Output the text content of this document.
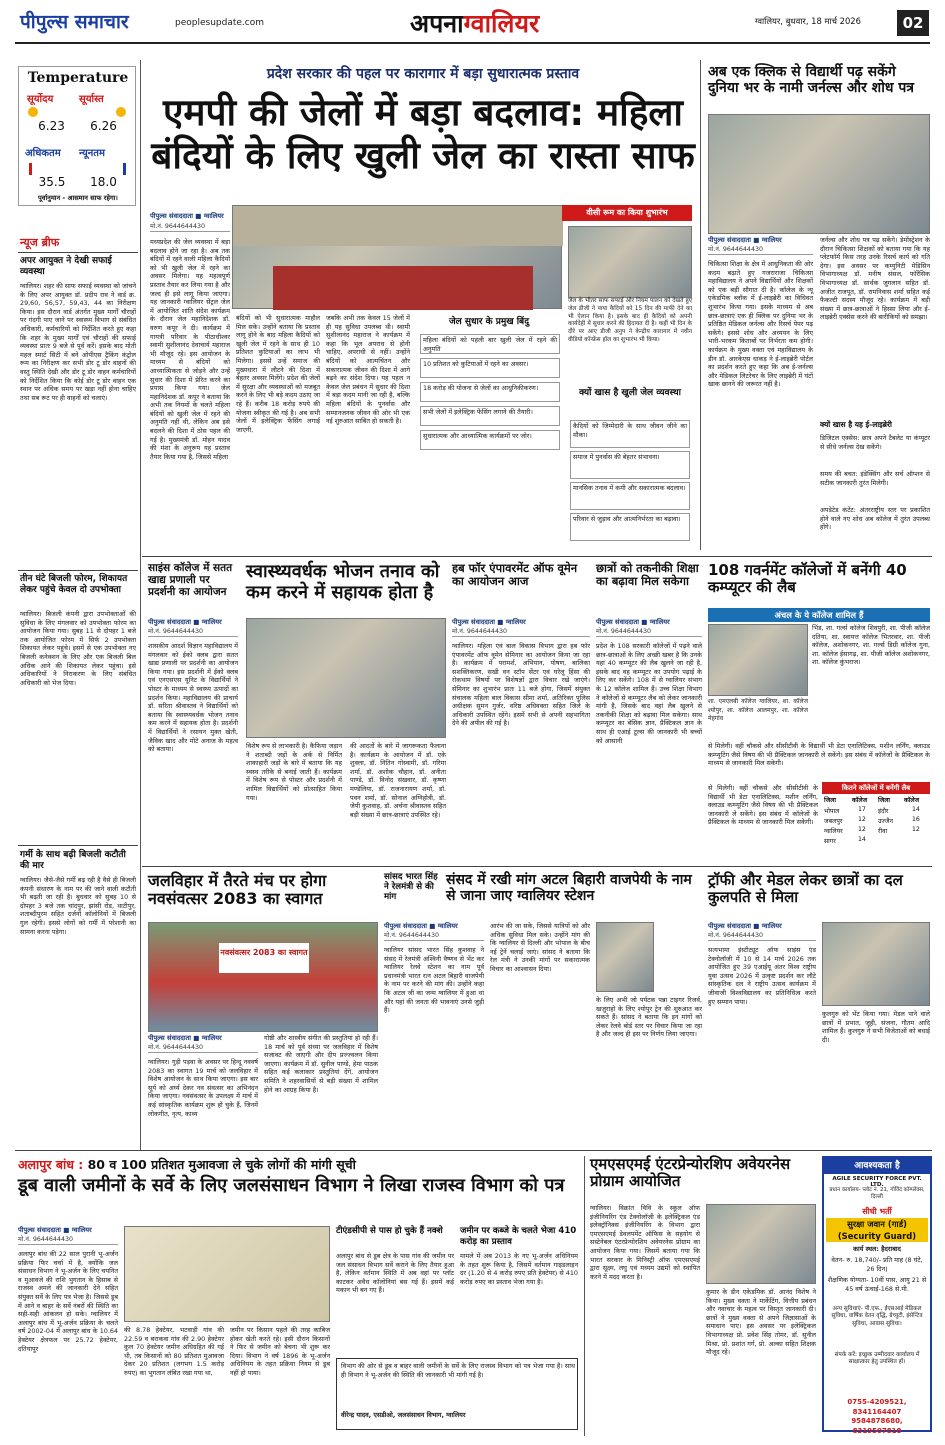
पीपुल्स समाचार	peoplesupdate.com	अपनाग्वालियर	ग्वालियर, बुधवार, 18 मार्च 2026	02
Temperature
सूर्योदय	सूर्यास्त
6.23	6.26
अधिकतम	न्यूनतम
35.5	18.0
पूर्वानुमान - आसमान साफ रहेगा।
न्यूज ब्रीफ
अपर आयुक्त ने देखी सफाई व्यवस्था
ग्वालियर। शहर की साफ सफाई व्यवस्था को जांचने के लिए अपर आयुक्त डॉ. प्रदीप राव ने वार्ड क्र. 29,60, 56,57, 59,43, 44 का निरीक्षण किया। इस दौरान वार्ड अंतर्गत मुख्य मार्गों चौराहों पर गंदगी पाए जाने पर स्वास्थ्य विभाग से संबंधित अधिकारी, कर्मचारियों को निर्देशित करते हुए कहा कि शहर के मुख्य मार्गों एवं चौराहों की सफाई व्यवस्था प्रातः 9 बजे से पूर्व करें। इसके बाद मोती महल स्मार्ट सिटी में बने ओपीएस ट्रैकिंग कंट्रोल रूम का निरीक्षण कर सभी डोर टू डोर वाहनों की वस्तु स्थिति देखी और डोर टू डोर वाहन कर्मचारियों को निर्देशित किया कि कोई डोर टू डोर वाहन एक स्थान पर अधिक समय पर खड़ा नहीं होना चाहिए तथा सब रूट पर ही वाहनों को चलाएं।
तीन घंटे बिजली फोरम, शिकायत लेकर पहुंचे केवल दो उपभोक्ता
ग्वालियर। बिजली कंपनी द्वारा उपभोक्ताओं की सुविधा के लिए मंगलवार को उपभोक्ता फोरम का आयोजन किया गया। सुबह 11 से दोपहर 1 बजे तक आयोजित फोरम में सिर्फ 2 उपभोक्ता शिकायत लेकर पहुंचे। इसमें से एक उपभोक्ता नए बिजली कनेक्शन के लिए और एक बिजली बिल अधिक आने की शिकायत लेकर पहुंचा। इसे अधिकारियों ने निराकरण के लिए संबंधित अधिकारी को भेज दिया।
गर्मी के साथ बढ़ी बिजली कटौती की मार
ग्वालियर। जैसे-जैसे गर्मी बढ़ रही है वैसे ही बिजली कंपनी संधारण के नाम पर की जाने वाली कटौती भी बढ़ती जा रही है। बुधवार को सुबह 10 से दोपहर 3 बजे तक चांदपुर, झांसी रोड, थाटीपुर, शताब्दीपुरम सहित दर्जनों कॉलोनियों में बिजली गुल रहेगी। इससे लोगों को गर्मी में परेशानी का सामना करना पड़ेगा।
प्रदेश सरकार की पहल पर कारागार में बड़ा सुधारात्मक प्रस्ताव
एमपी की जेलों में बड़ा बदलाव: महिला बंदियों के लिए खुली जेल का रास्ता साफ
वीसी रूम का किया शुभारंभ
जेल के भीतर साफ सफाई और नियम पालन को देखते हुए जेल डीजी ने पाया कैदियों को 15 दिन की माफी देने का भी ऐलान किया है। इसके बाद ही कैदियों को अपनी कार्यदेही में सुधार करने की हिदायत दी है। कहीं भी दिन के दौरे पर आए डीजी अनुप ने केन्द्रीय कारागार में नवीन वीडियो कॉन्फ्रेंस हॉल का शुभारंभ भी किया।
पीपुल्स संवाददाता ■ ग्वालियर
मो.नं. 9644644430
मध्यप्रदेश की जेल व्यवस्था में बड़ा बदलाव होने जा रहा है। अब तक बंदियों में रहने वाली महिला कैदियों को भी खुली जेल में रहने का अवसर मिलेगा। यह महत्वपूर्ण प्रस्ताव तैयार कर लिया गया है और जल्द ही इसे लागू किया जाएगा। यह जानकारी ग्वालियर सेंट्रल जेल में आयोजित शांति संदेश कार्यक्रम के दौरान जेल महानिदेशक डॉ. वरुण कपूर ने दी। कार्यक्रम में गायत्री परिवार के पीठाधीश्वर स्वामी सुशीलानंद देवाचार्य महाराज भी मौजूद रहे। इस आयोजन के माध्यम से बंदियों को आध्यात्मिकता से जोड़ने और उन्हें सुधार की दिशा में प्रेरित करने का प्रयास किया गया। जेल महानिदेशक डॉ. कपूर ने बताया कि अभी तक नियमों के चलते महिला बंदियों को खुली जेल में रहने की अनुमति नहीं थी, लेकिन अब इसे बदलने की दिशा में ठोस पहल की गई है। मुख्यमंत्री डॉ. मोहन यादव की मंशा के अनुरूप यह प्रस्ताव तैयार किया गया है, जिससे महिला
बंदियों को भी सुधारात्मक माहौल मिल सके। उन्होंने बताया कि प्रस्ताव लागू होने के बाद महिला कैदियों को खुली जेल में रहने के साथ ही 10 प्रतिशत कुटियाओं का लाभ भी मिलेगा। इससे उन्हें समाज की मुख्यधारा में लौटने की दिशा में बेहतर अवसर मिलेंगे। प्रदेश की जेलों में सुरक्षा और व्यवस्थाओं को मजबूत करने के लिए भी बड़े कदम उठाए जा रहे हैं। करीब 18 करोड़ रुपये की योजना स्वीकृत की गई है। अब सभी जेलों में इलेक्ट्रिक फेंसिंग लगाई जाएगी,
जबकि अभी तक केवल 15 जेलों में ही यह सुविधा उपलब्ध थी। स्वामी सुशीलानंद महाराज ने कार्यक्रम में कहा कि भूल अपराध से होनी चाहिए, अपराधी से नहीं। उन्होंने बंदियों को आत्मचिंतन और सकारात्मक जीवन की दिशा में आगे बढ़ने का संदेश दिया। यह पहल न केवल जेल प्रबंधन में सुधार की दिशा में बड़ा कदम मानी जा रही है, बल्कि महिला बंदियों के पुनर्वास और सम्मानजनक जीवन की ओर भी एक नई शुरुआत साबित हो सकती है।
जेल सुधार के प्रमुख बिंदु
महिला बंदियों को पहली बार खुली जेल में रहने की अनुमति
10 प्रतिशत को कुटियाओं में रहने का अवसर।
18 करोड़ की योजना से जेलों का आधुनिकीकरण।
सभी जेलों में इलेक्ट्रिक फेंसिंग लगाने की तैयारी।
सुधारात्मक और आध्यात्मिक कार्यक्रमों पर जोर।
क्यों खास है खुली जेल व्यवस्था
कैदियों को जिम्मेदारी के साथ जीवन जीने का मौका।
समाज में पुनर्वास की बेहतर संभावना।
मानसिक तनाव में कमी और सकारात्मक बदलाव।
परिवार से जुड़ाव और आत्मनिर्भरता का बढ़ावा।
अब एक क्लिक से विद्यार्थी पढ़ सकेंगे दुनिया भर के नामी जर्नल्स और शोध पत्र
पीपुल्स संवाददाता ■ ग्वालियर
मो.नं. 9644644430
चिकित्सा शिक्षा के क्षेत्र में आधुनिकता की ओर कदम बढ़ाते हुए गजराराजा चिकित्सा महाविद्यालय ने अपने विद्यार्थियों और शिक्षकों को एक बड़ी सौगात दी है। कॉलेज के न्यू एकेडमिक ब्लॉक में ई-लाइब्रेरी का विधिवत शुभारंभ किया गया। इसके माध्यम से अब छात्र-छात्राएं एक ही क्लिक पर दुनिया भर के प्रतिष्ठित मेडिकल जर्नल्स और रिसर्च पेपर पढ़ सकेंगे। इससे शोध और अध्ययन के लिए भारी-भरकम किताबों पर निर्भरता कम होगी। कार्यक्रम के मुख्य वक्ता एवं महाविद्यालय के डीन डॉ. आरकेएस धाकड़ ने ई-लाइब्रेरी पोर्टल का प्रदर्शन करते हुए कहा कि अब ई-जर्नल्स और मेडिकल लिटरेचर के लिए लाइब्रेरी में घंटों खाक छानने की जरूरत नहीं है।
जर्नल्स और शोध पत्र पढ़ सकेंगे। डेमोंस्ट्रेशन के दौरान चिकित्सा शिक्षकों को बताया गया कि यह प्लेटफॉर्म किस तरह उनके रिसर्च कार्य को गति देगा। इस अवसर पर कम्युनिटी मेडिसिन विभागाध्यक्ष डॉ. मनीष संसल, फॉरेंसिक विभागाध्यक्ष डॉ. सार्थक जुगलान सहित डॉ. अजीत राजपूत, डॉ. रामनिवास शर्मा सहित कई फैकल्टी सदस्य मौजूद रहे। कार्यक्रम में बड़ी संख्या में छात्र-छात्राओं ने हिस्सा लिया और ई-लाइब्रेरी एक्सेस करने की बारीकियों को समझा।
क्यों खास है यह ई-लाइब्रेरी
डिजिटल एक्सेस: छात्र अपने टैबलेट या कंप्यूटर से सीधे जर्नल्स देख सकेंगे।
समय की बचत: इंडेक्सिंग और सर्च ऑप्शन से सटीक जानकारी तुरंत मिलेगी।
अपडेटेड कंटेंट: अंतरराष्ट्रीय स्तर पर प्रकाशित होने वाले नए शोध अब कॉलेज में तुरंत उपलब्ध होंगे।
साइंस कॉलेज में सतत खाद्य प्रणाली पर प्रदर्शनी का आयोजन
पीपुल्स संवाददाता ■ ग्वालियर
मो.नं. 9644644430
शासकीय आदर्श विज्ञान महाविद्यालय में मंगलवार को ईको क्लब द्वारा सतत खाद्य प्रणाली पर प्रदर्शनी का आयोजन किया गया। इस प्रदर्शनी में ईको क्लब एवं एनएसएस यूनिट के विद्यार्थियों ने पोस्टर के माध्यम से स्वस्थ्य उत्पादों का प्रदर्शन किया। महाविद्यालय की प्राचार्य डॉ. सरिता श्रीवास्तव ने विद्यार्थियों को बताया कि स्वास्थ्यवर्धक भोजन तनाव कम करने में सहायक होता है। प्रदर्शनी में विद्यार्थियों ने रसायन मुक्त खेती, जैविक खाद और मोटे अनाज के महत्व को बताया।
स्वास्थ्यवर्धक भोजन तनाव को कम करने में सहायक होता है
विशेष रूप से लाभकारी है। कैफिया जड़ान ने शताब्दी जड़ों के अर्क से निर्मित शाकाहारी जड़ों के बारे में बताया कि यह स्वस्थ तरीके से बनाई जाती हैं। कार्यक्रम में विशेष रूप से पोस्टर और प्रदर्शनी में शामिल विद्यार्थियों को प्रोत्साहित किया गया।
की आदतों के बारे में जागरूकता फैलाना है। कार्यक्रम के आयोजन में डॉ. एके शुक्ला, डॉ. नितिन गोस्वामी, डॉ. गरिमा शर्मा, डॉ. अशोक चौहान, डॉ. अनीता पाण्डे, डॉ. विनोद संखवार, डॉ. कृष्णा मण्डेलिया, डॉ. राजनारायण शर्मा, डॉ. पवन शर्मा, डॉ. सोनाल अग्निहोत्री, डॉ. जेपी कुशवाह, डॉ. अर्चना श्रीवास्तव सहित बड़ी संख्या में छात्र-छात्राएं उपस्थित रहे।
हब फॉर एंपावरमेंट ऑफ वूमेन का आयोजन आज
पीपुल्स संवाददाता ■ ग्वालियर
मो.नं. 9644644430
ग्वालियर। महिला एवं बाल विकास विभाग द्वारा हब फॉर एंपावरमेंट ऑफ वूमेन सेमिनार का आयोजन किया जा रहा है। कार्यक्रम में परामर्श, अभियान, पोषण, बालिका सशक्तिकरण, सखी वन स्टॉप सेंटर एवं घरेलू हिंसा की रोकथाम विषयों पर विशेषज्ञों द्वारा विचार रखे जाएंगे। सेमिनार का शुभारंभ प्रातः 11 बजे होगा, जिसमें संयुक्त संचालक महिला बाल विकास सीमा शर्मा, अतिरिक्त पुलिस अधीक्षक सुमन गुर्जर, वरिष्ठ अधिवक्ता सहित जिले के अधिकारी उपस्थित रहेंगे। इसमें सभी से अपनी सहभागिता देने की अपील की गई है।
छात्रों को तकनीकी शिक्षा का बढ़ावा मिल सकेगा
पीपुल्स संवाददाता ■ ग्वालियर
मो.नं. 9644644430
प्रदेश के 108 सरकारी कॉलेजों में पढ़ने वाले छात्र-छात्राओं के लिए अच्छी खबर है कि उनके यहां 40 कम्प्यूटर की लैब खुलने जा रही है, इसके बाद वह कम्प्यूटर का उपयोग पढ़ाई के लिए कर सकेंगे। 108 में से ग्वालियर संभाग के 12 कॉलेज शामिल हैं। उच्च शिक्षा विभाग ने कॉलेजों से कम्प्यूटर लैब को लेकर जानकारी मांगी है, जिसके बाद वहां लैब खुलने से तकनीकी शिक्षा को बढ़ावा मिल सकेगा। साथ कम्प्यूटर का बेसिक ज्ञान, प्रैक्टिकल ज्ञान के साथ ही एआई टूल्स की जानकारी भी बच्चों को आसानी
108 गवर्नमेंट कॉलेजों में बनेंगी 40 कम्प्यूटर की लैब
अंचल के ये कॉलेज शामिल हैं
भिंड, शा. गर्ल्स कॉलेज शिवपुरी, शा. पीजी कॉलेज दतिया, शा. स्वायत्त कॉलेज भितरवार, शा. पीजी कॉलेज, अशोकनगर, शा. गर्ल्स डिग्री कॉलेज गुना, शा. कॉलेज ईसागढ़, शा. पीजी कॉलेज अशोकनगर, शा. कॉलेज कुंभराज।
शा. एमएलबी कॉलेज ग्वालियर, शा. कॉलेज श्योपुर, शा. कॉलेज आलमपुर, शा. कॉलेज मेहगांव
से मिलेगी। वहीं चौकसे और सीसीटीवी के विद्यार्थी भी डेटा एनालिटिक्स, मशीन लर्निंग, क्लाउड कम्प्यूटिंग जैसे विषय की भी प्रैक्टिकल जानकारी ले सकेंगे। इस संबंध में कॉलेजों के प्रैक्टिकल के माध्यम से जानकारी मिल सकेगी।
कितने कॉलेजों में बनेंगी लैब
जिला	कॉलेज	जिला	कॉलेज
भोपाल	17	इंदौर	14
जबलपुर	12	उज्जैन	16
ग्वालियर	12	रीवा	12
सागर	14
से मिलेगी। वहीं चौकसे और सीसीटीवी के विद्यार्थी भी डेटा एनालिटिक्स, मशीन लर्निंग, क्लाउड कम्प्यूटिंग जैसे विषय की भी प्रैक्टिकल जानकारी ले सकेंगे। इस संबंध में कॉलेजों के प्रैक्टिकल के माध्यम से जानकारी मिल सकेगी।
जलविहार में तैरते मंच पर होगा नवसंवत्सर 2083 का स्वागत
नवसंवत्सर 2083 का स्वागत
पीपुल्स संवाददाता ■ ग्वालियर
मो.नं. 9644644430
ग्वालियर। गुड़ी पड़वा के अवसर पर हिन्दू नववर्ष 2083 का स्वागत 19 मार्च को जलविहार में विशेष आयोजन के साथ किया जाएगा। इस बार सूर्य को अर्घ्य देकर नव संवत्सर का अभिनंदन किया जाएगा। नवसंवत्सर के उपलक्ष्य में मार्च में कई सांस्कृतिक कार्यक्रम शुरू हो चुके हैं, जिनमें लोकगीत, नृत्य, काव्य
गोष्ठी और शास्त्रीय संगीत की प्रस्तुतियां हो रही हैं। 18 मार्च को पूर्व संध्या पर जलविहार में विशेष सजावट की जाएगी और दीप प्रज्ज्वलन किया जाएगा। कार्यक्रम में डॉ. सुनील पाण्डे, हेमा पाठक सहित कई कलाकार प्रस्तुतियां देंगे, आयोजन समिति ने शहरवासियों से बड़ी संख्या में शामिल होने का आग्रह किया है।
सांसद भारत सिंह ने रेलमंत्री से की मांग
संसद में रखी मांग अटल बिहारी वाजपेयी के नाम से जाना जाए ग्वालियर स्टेशन
पीपुल्स संवाददाता ■ ग्वालियर
मो.नं. 9644644430
ग्वालियर सांसद भारत सिंह कुशवाह ने संसद में रेलमंत्री अश्विनी वैष्णव से भेंट कर ग्वालियर रेलवे स्टेशन का नाम पूर्व प्रधानमंत्री भारत रत्न अटल बिहारी वाजपेयी के नाम पर करने की मांग की। उन्होंने कहा कि अटल जी का जन्म ग्वालियर में हुआ था और यहां की जनता की भावनाएं उनसे जुड़ी हैं।
आरंभ की जा सके, जिससे यात्रियों को और अधिक सुविधा मिल सके। उन्होंने मांग की कि ग्वालियर से दिल्ली और भोपाल के बीच नई ट्रेनें चलाई जाएं। सांसद ने बताया कि रेल मंत्री ने उनकी मांगों पर सकारात्मक विचार का आश्वासन दिया।
के लिए अभी जो पर्यटक पन्ना टाइगर रिजर्व, खजुराहो के लिए श्योपुर ट्रेन की शुरुआत कर सकते हैं। सांसद ने बताया कि इन मांगों को लेकर रेलवे बोर्ड स्तर पर विचार किया जा रहा है और जल्द ही इस पर निर्णय लिया जाएगा।
ट्रॉफी और मेडल लेकर छात्रों का दल कुलपति से मिला
पीपुल्स संवाददाता ■ ग्वालियर
मो.नं. 9644644430
सत्यभामा इंस्टीट्यूट ऑफ साइंस एंड टेक्नोलॉजी में 10 से 14 मार्च 2026 तक आयोजित हुए 39 एआईयू अंतर विश्व राष्ट्रीय युवा उत्सव 2026 में उत्कृष्ट प्रदर्शन कर लौटे सांस्कृतिक दल ने राष्ट्रीय उत्सव कार्यक्रम में जीवाजी विश्वविद्यालय का प्रतिनिधित्व करते हुए सम्मान पाया।
कुलगुरु को भेंट किया गया। मेडल पाने वाले छात्रों में प्रभात, जूही, संजना, गौतम आदि शामिल हैं। कुलगुरु ने सभी विजेताओं को बधाई दी।
अलापुर बांध : 80 व 100 प्रतिशत मुआवजा ले चुके लोगों की मांगी सूची
डूब वाली जमीनों के सर्वे के लिए जलसंसाधन विभाग ने लिखा राजस्व विभाग को पत्र
पीपुल्स संवाददाता ■ ग्वालियर
मो.नं. 9644644430
अलापुर बांध की 22 साल पुरानी भू-अर्जन प्रक्रिया फिर चर्चा में है, क्योंकि जल संसाधन विभाग ने भू-अर्जन के लिए चयनित व मुआवजे की राशि भुगतान के हिसाब से राजस्व अमले की जानकारी देने सहित संयुक्त सर्वे के लिए पत्र भेजा है। जिससे डूब में आने व बाहर के सर्वे नंबरों की स्थिति का सही-सही आंकलन हो सके। ग्वालियर में अलापुर बांध में भू-अर्जन प्रक्रिया के चलते वर्ष 2002-04 में अलापुर बांध के 10.64 हेक्टेयर क्षेत्रफल पर 25.72 हेक्टेयर, दतियापुर
की 8.78 हेक्टेयर, भटवाड़ी गांव की 22.59 व बराकवा गांव की 2.90 हेक्टेयर कुल 70 हेक्टेयर जमीन अधिग्रहित की गई थी, तब किसानों को 80 प्रतिशत मुआवजा देकर 20 प्रतिशत (लगभग 1.5 करोड़ रुपए) का भुगतान लंबित रखा गया था,
जमीन पर किसान पहले की तरह काबिज होकर खेती करते रहे। इसी दौरान किसानों ने फिर से जमीन को बेचना भी शुरू कर दिया। विभाग ने वर्ष 1896 के भू-अर्जन अधिनियम के तहत प्रक्रिया नियम से डूब नहीं हो पाया।
टीएंडसीपी से पास हो चुके हैं नक्शे
अलापुर बांध से डूब क्षेत्र के पास गांव की जमीन पर जल संसाधन विभाग सर्वे कराने के लिए तैयार हुआ है, लेकिन वर्तमान स्थिति में अब वहां पर प्लॉट काटकर अवैध कॉलोनियां बस गई हैं। इसमें कई मकान भी बन गए हैं।
जमीन पर कब्जे के चलते भेजा 410 करोड़ का प्रस्ताव
मामले में अब 2013 के नए भू-अर्जन अधिनियम के तहत शुरू किया है, जिसमें वर्तमान गाइडलाइन दर (1.20 से 4 करोड़ रुपए प्रति हेक्टेयर) से 410 करोड़ रुपए का प्रस्ताव भेजा गया है।
विभाग की ओर से डूब व बाहर वाली जमीनों के सर्वे के लिए राजस्व विभाग को पत्र भेजा गया है। साथ ही विभाग ने भू-अर्जन की स्थिति की जानकारी भी मांगी गई है।
वीरेन्द्र यादव, एसडीओ, जलसंसाधन विभाग, ग्वालियर
एमएसएमई एंटरप्रेन्योरशिप अवेयरनेस प्रोग्राम आयोजित
ग्वालियर। विक्रांत विवि के स्कूल ऑफ इंजीनियरिंग एंड टेक्नोलॉजी के इलेक्ट्रिकल एंड इलेक्ट्रॉनिक्स इंजीनियरिंग के विभाग द्वारा एमएसएमई डेवलपमेंट ऑफिस के सहयोग से सस्टेनेबल एंटरप्रेन्योरशिप अवेयरनेस प्रोग्राम का आयोजन किया गया। जिसमें बताया गया कि भारत सरकार के मिनिस्ट्री ऑफ एमएसएमई द्वारा सूक्ष्म, लघु एवं मध्यम उद्यमों को स्थापित करने में मदद करता है।
कुमार के डीन एकेडमिक डॉ. आनंद विशेष ने किया। मुख्य वक्ता ने मार्केटिंग, वित्तीय प्रबंधन और नवाचार के महत्व पर विस्तृत जानकारी दी। छात्रों ने मुख्य वक्ता से अपने जिज्ञासाओं के समाधान पाए। इस अवसर पर इलेक्ट्रिकल विभागाध्यक्ष प्रो. प्रवेश सिंह तोमर, डॉ. सुनील मिश्रा, प्रो. प्रशांत गर्ग, प्रो. अल्का सहित शिक्षक मौजूद रहे।
आवश्यकता है
AGILE SECURITY FORCE PVT. LTD.
प्रधान कार्यालय- प्लॉट नं. 21, गोविंद कॉम्प्लेक्स, दिल्ली
सीधी भर्ती
सुरक्षा जवान (गार्ड)
(Security Guard)
कार्य स्थल: हैदराबाद
वेतन- रु. 18,740/- प्रति माह (8 घंटे, 26 दिन)
शैक्षणिक योग्यता- 10वीं पास, आयु 21 से 45 वर्ष ऊंचाई-168 से.मी.
अन्य सुविधाएं- पी.एफ., ईएसआई मेडिकल सुविधा, वार्षिक वेतन वृद्धि, ग्रेच्युटी, इंसेन्टिव सुविधा, आवास सुविधा।
संपर्क करें: इच्छुक उम्मीदवार कार्यालय में साक्षात्कार हेतु उपस्थित हों।
0755-4209521, 8341164407 9584878680, 8319507818
